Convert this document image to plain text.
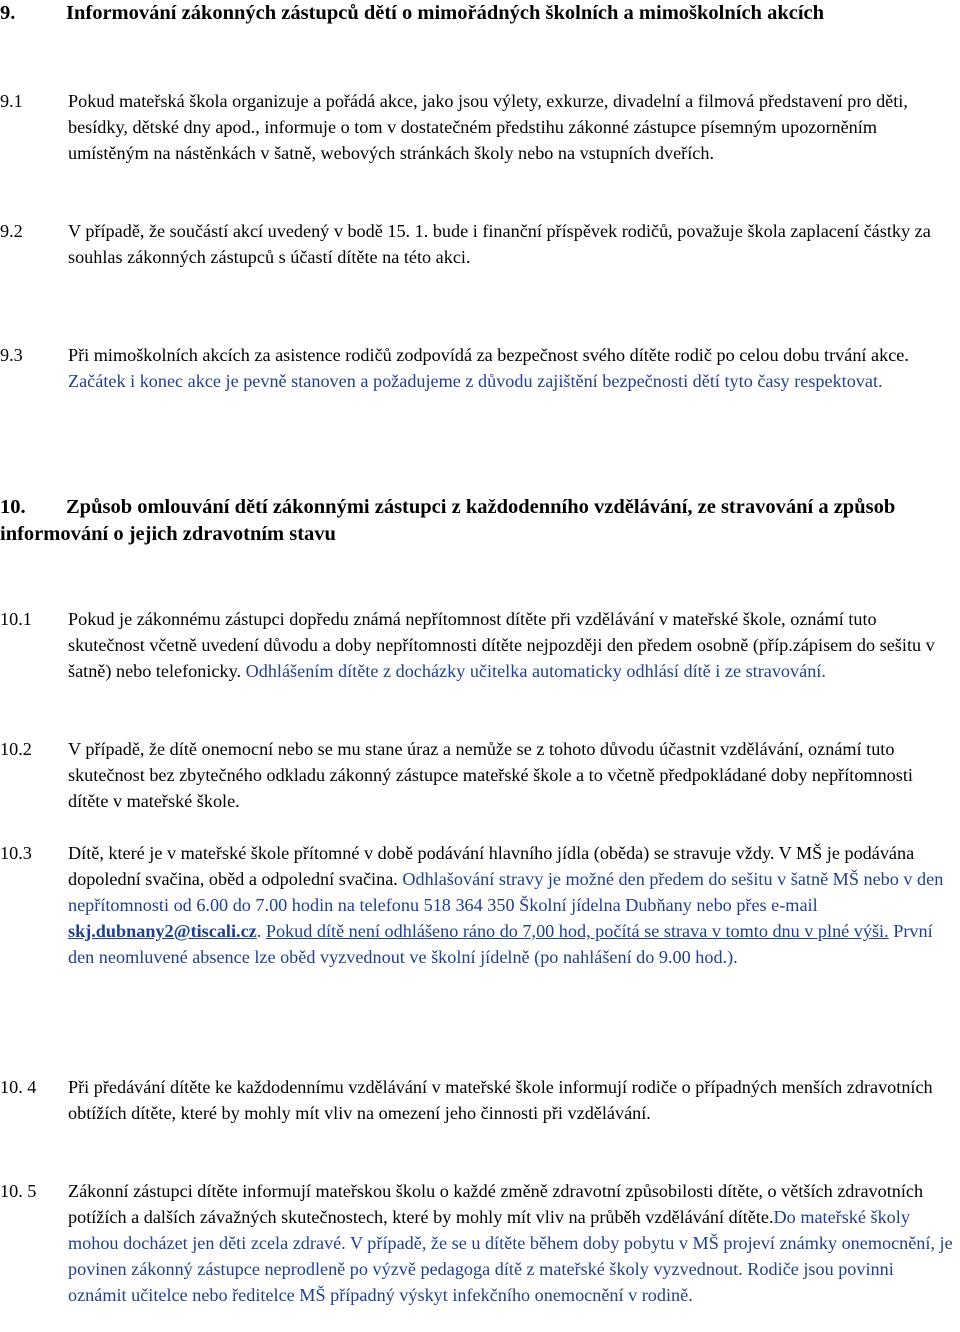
9. Informování zákonných zástupců dětí o mimořádných školních a mimoškolních akcích
9.1 Pokud mateřská škola organizuje a pořádá akce, jako jsou výlety, exkurze, divadelní a filmová představení pro děti, besídky, dětské dny apod., informuje o tom v dostatečném předstihu zákonné zástupce písemným upozorněním umístěným na nástěnkách v šatně, webových stránkách školy nebo na vstupních dveřích.
9.2 V případě, že součástí akcí uvedený v bodě 15. 1. bude i finanční příspěvek rodičů, považuje škola zaplacení částky za souhlas zákonných zástupců s účastí dítěte na této akci.
9.3 Při mimoškolních akcích za asistence rodičů zodpovídá za bezpečnost svého dítěte rodič po celou dobu trvání akce. Začátek i konec akce je pevně stanoven a požadujeme z důvodu zajištění bezpečnosti dětí tyto časy respektovat.
10. Způsob omlouvání dětí zákonnými zástupci z každodenního vzdělávání, ze stravování a způsob informování o jejich zdravotním stavu
10.1 Pokud je zákonnému zástupci dopředu známá nepřítomnost dítěte při vzdělávání v mateřské škole, oznámí tuto skutečnost včetně uvedení důvodu a doby nepřítomnosti dítěte nejpozději den předem osobně (příp.zápisem do sešitu v šatně) nebo telefonicky. Odhlášením dítěte z docházky učitelka automaticky odhlásí dítě i ze stravování.
10.2 V případě, že dítě onemocní nebo se mu stane úraz a nemůže se z tohoto důvodu účastnit vzdělávání, oznámí tuto skutečnost bez zbytečného odkladu zákonný zástupce mateřské škole a to včetně předpokládané doby nepřítomnosti dítěte v mateřské škole.
10.3 Dítě, které je v mateřské škole přítomné v době podávání hlavního jídla (oběda) se stravuje vždy. V MŠ je podávána dopolední svačina, oběd a odpolední svačina. Odhlašování stravy je možné den předem do sešitu v šatně MŠ nebo v den nepřítomnosti od 6.00 do 7.00 hodin na telefonu 518 364 350 Školní jídelna Dubňany nebo přes e-mail skj.dubnany2@tiscali.cz. Pokud dítě není odhlášeno ráno do 7,00 hod, počítá se strava v tomto dnu v plné výši. První den neomluvené absence lze oběd vyzvednout ve školní jídelně (po nahlášení do 9.00 hod.).
10. 4 Při předávání dítěte ke každodennímu vzdělávání v mateřské škole informují rodiče o případných menších zdravotních obtížích dítěte, které by mohly mít vliv na omezení jeho činnosti při vzdělávání.
10. 5 Zákonní zástupci dítěte informují mateřskou školu o každé změně zdravotní způsobilosti dítěte, o větších zdravotních potížích a dalších závažných skutečnostech, které by mohly mít vliv na průběh vzdělávání dítěte.Do mateřské školy mohou docházet jen děti zcela zdravé. V případě, že se u dítěte během doby pobytu v MŠ projeví známky onemocnění, je povinen zákonný zástupce neprodleně po výzvě pedagoga dítě z mateřské školy vyzvednout. Rodiče jsou povinni oznámit učitelce nebo ředitelce MŠ případný výskyt infekčního onemocnění v rodině.
